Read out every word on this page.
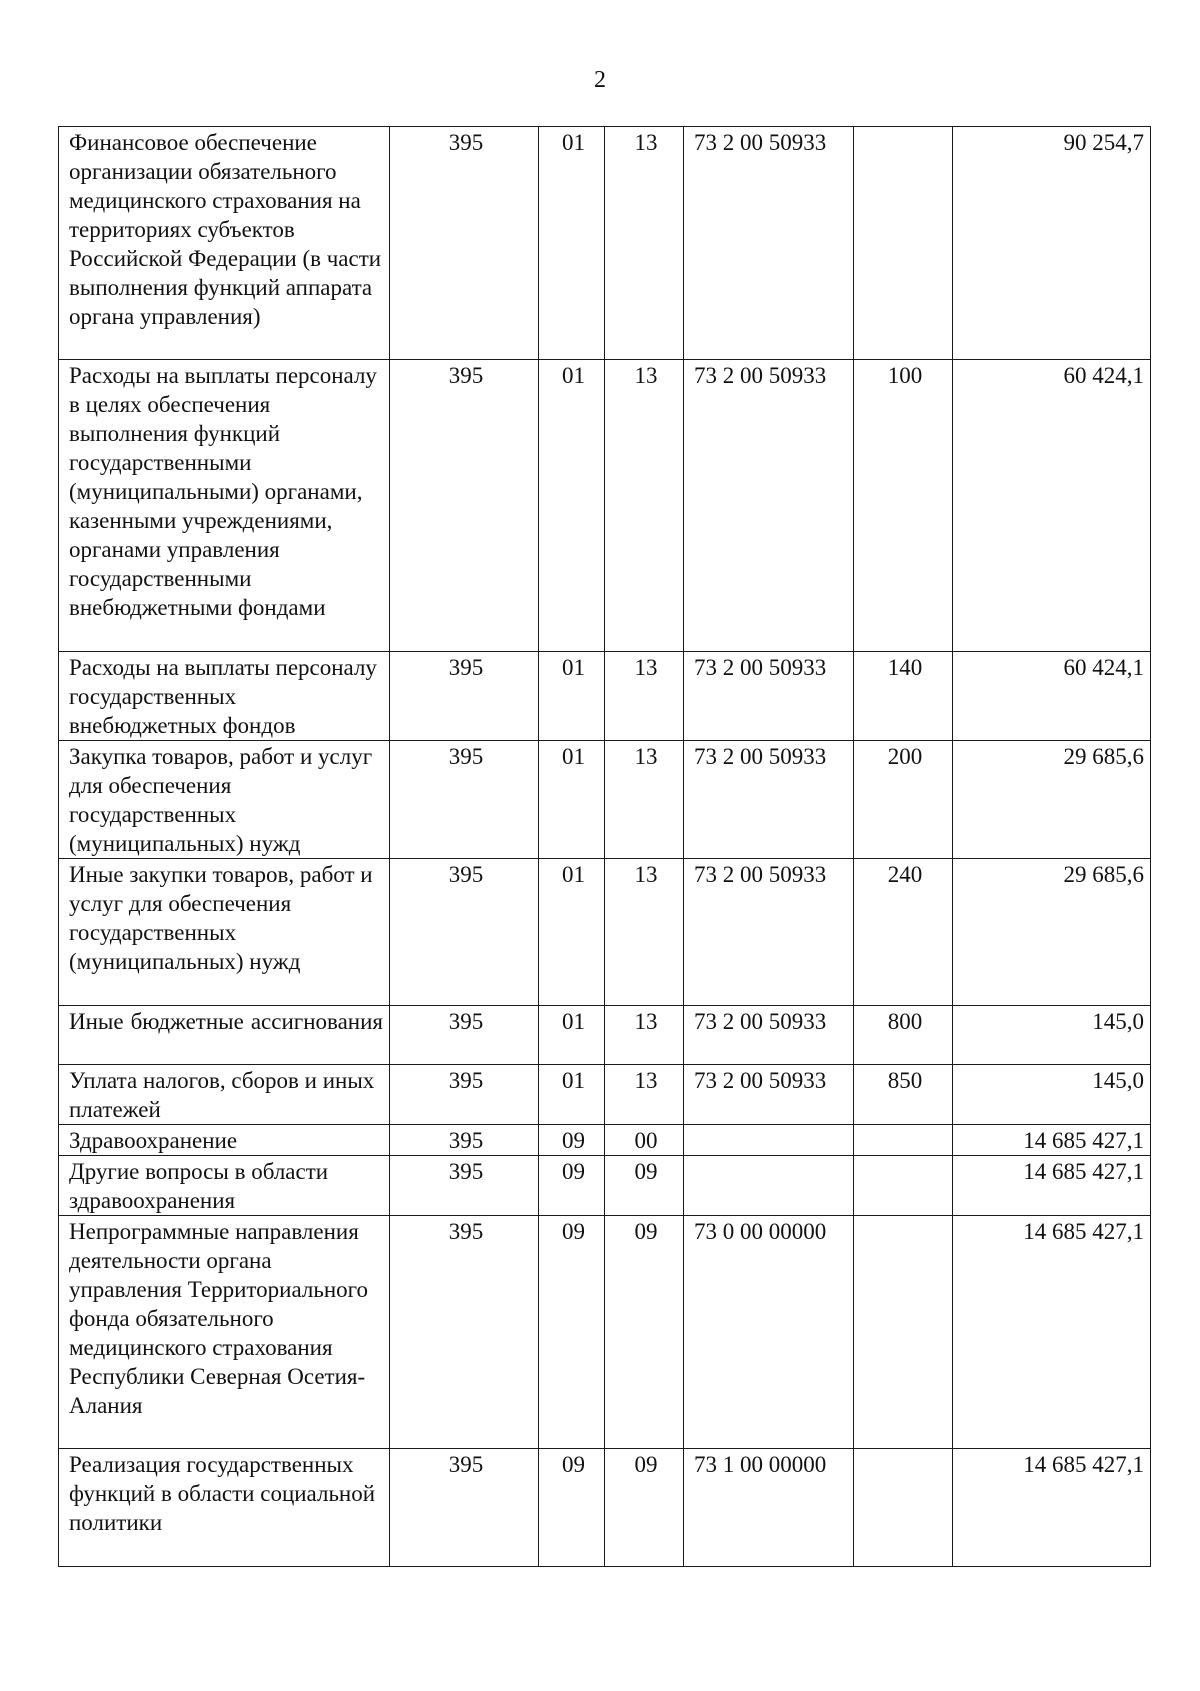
2
Финансовое обеспечение организации обязательного медицинского страхования на территориях субъектов Российской Федерации (в части выполнения функций аппарата органа управления)	395	01	13	73 2 00 50933		90 254,7
Расходы на выплаты персоналу в целях обеспечения выполнения функций государственными (муниципальными) органами, казенными учреждениями, органами управления государственными внебюджетными фондами	395	01	13	73 2 00 50933	100	60 424,1
Расходы на выплаты персоналу государственных внебюджетных фондов	395	01	13	73 2 00 50933	140	60 424,1
Закупка товаров, работ и услуг для обеспечения государственных (муниципальных) нужд	395	01	13	73 2 00 50933	200	29 685,6
Иные закупки товаров, работ и услуг для обеспечения государственных (муниципальных) нужд	395	01	13	73 2 00 50933	240	29 685,6
Иные бюджетные ассигнования	395	01	13	73 2 00 50933	800	145,0
Уплата налогов, сборов и иных платежей	395	01	13	73 2 00 50933	850	145,0
Здравоохранение	395	09	00			14 685 427,1
Другие вопросы в области здравоохранения	395	09	09			14 685 427,1
Непрограммные направления деятельности органа управления Территориального фонда обязательного медицинского страхования Республики Северная Осетия-Алания	395	09	09	73 0 00 00000		14 685 427,1
Реализация государственных функций в области социальной политики	395	09	09	73 1 00 00000		14 685 427,1
